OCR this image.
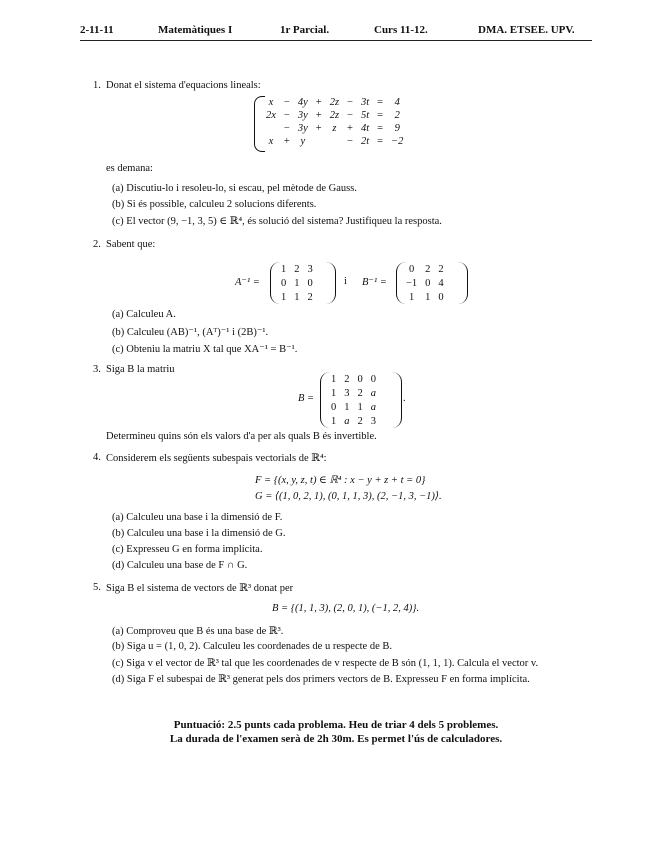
2-11-11	Matemàtiques I	1r Parcial.	Curs 11-12.	DMA. ETSEE. UPV.
1. Donat el sistema d'equacions lineals:
x	−	4y	+	2z	−	3t	=	4
2x	−	3y	+	2z	−	5t	=	2
	−	3y	+	z	+	4t	=	9
x	+	y			−	2t	=	−2
es demana:
(a) Discutiu-lo i resoleu-lo, si escau, pel mètode de Gauss.
(b) Si és possible, calculeu 2 solucions diferents.
(c) El vector (9, −1, 3, 5) ∈ ℝ⁴, és solució del sistema? Justifiqueu la resposta.
2. Sabent que:
A⁻¹ =
1	2	3
0	1	0
1	1	2
i B⁻¹ =
0	2	2
−1	0	4
1	1	0
(a) Calculeu A.
(b) Calculeu (AB)⁻¹, (Aᵀ)⁻¹ i (2B)⁻¹.
(c) Obteniu la matriu X tal que XA⁻¹ = B⁻¹.
3. Siga B la matriu
B =
1	2	0	0
1	3	2	a
0	1	1	a
1	a	2	3
.
Determineu quins són els valors d'a per als quals B és invertible.
4. Considerem els següents subespais vectorials de ℝ⁴:
F = {(x, y, z, t) ∈ ℝ⁴ : x − y + z + t = 0}
G = ⟨(1, 0, 2, 1), (0, 1, 1, 3), (2, −1, 3, −1)⟩.
(a) Calculeu una base i la dimensió de F.
(b) Calculeu una base i la dimensió de G.
(c) Expresseu G en forma implícita.
(d) Calculeu una base de F ∩ G.
5. Siga B el sistema de vectors de ℝ³ donat per
B = {(1, 1, 3), (2, 0, 1), (−1, 2, 4)}.
(a) Comproveu que B és una base de ℝ³.
(b) Siga u = (1, 0, 2). Calculeu les coordenades de u respecte de B.
(c) Siga v el vector de ℝ³ tal que les coordenades de v respecte de B són (1, 1, 1). Calcula el vector v.
(d) Siga F el subespai de ℝ³ generat pels dos primers vectors de B. Expresseu F en forma implícita.
Puntuació: 2.5 punts cada problema. Heu de triar 4 dels 5 problemes.
La durada de l'examen serà de 2h 30m. Es permet l'ús de calculadores.
